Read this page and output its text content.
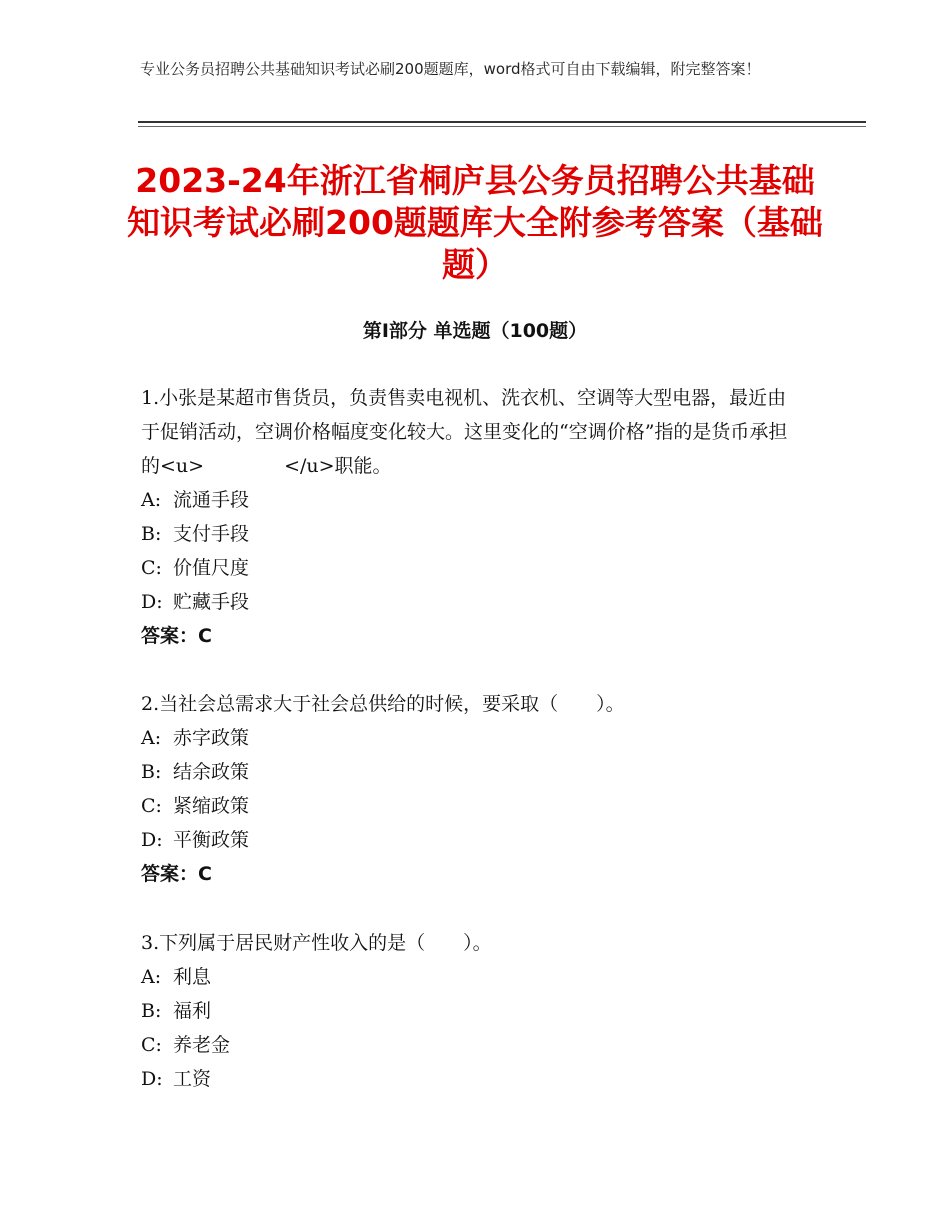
专业公务员招聘公共基础知识考试必刷200题题库，word格式可自由下载编辑，附完整答案！
2023-24年浙江省桐庐县公务员招聘公共基础知识考试必刷200题题库大全附参考答案（基础题）
第Ⅰ部分 单选题（100题）

1.小张是某超市售货员，负责售卖电视机、洗衣机、空调等大型电器，最近由于促销活动，空调价格幅度变化较大。这里变化的“空调价格”指的是货币承担的<u>	</u>职能。

A: 流通手段
B: 支付手段
C: 价值尺度
D: 贮藏手段
答案：C

2.当社会总需求大于社会总供给的时候，要采取（　　）。

A: 赤字政策
B: 结余政策
C: 紧缩政策
D: 平衡政策
答案：C

3.下列属于居民财产性收入的是（　　）。

A: 利息
B: 福利
C: 养老金
D: 工资
